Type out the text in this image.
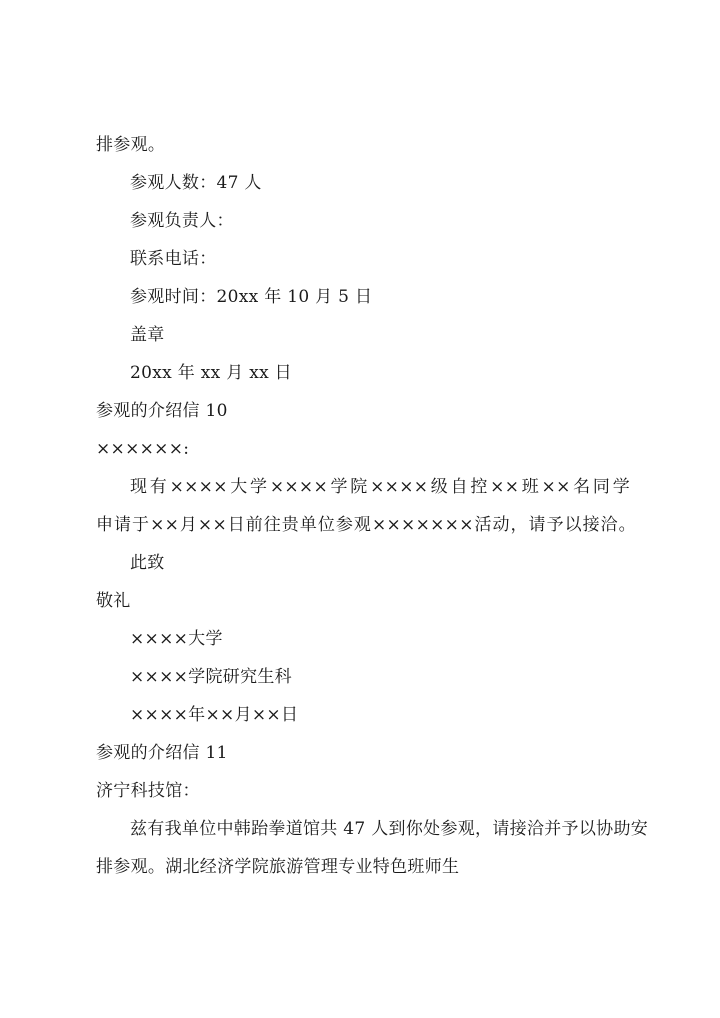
排参观。
参观人数：47 人
参观负责人：
联系电话：
参观时间：20xx 年 10 月 5 日
盖章
20xx 年 xx 月 xx 日
参观的介绍信 10
××××××:
现有××××大学××××学院××××级自控××班××名同学
申请于××月××日前往贵单位参观×××××××活动，请予以接洽。
此致
敬礼
××××大学
××××学院研究生科
××××年××月××日
参观的介绍信 11
济宁科技馆：
兹有我单位中韩跆拳道馆共 47 人到你处参观，请接洽并予以协助安
排参观。湖北经济学院旅游管理专业特色班师生
